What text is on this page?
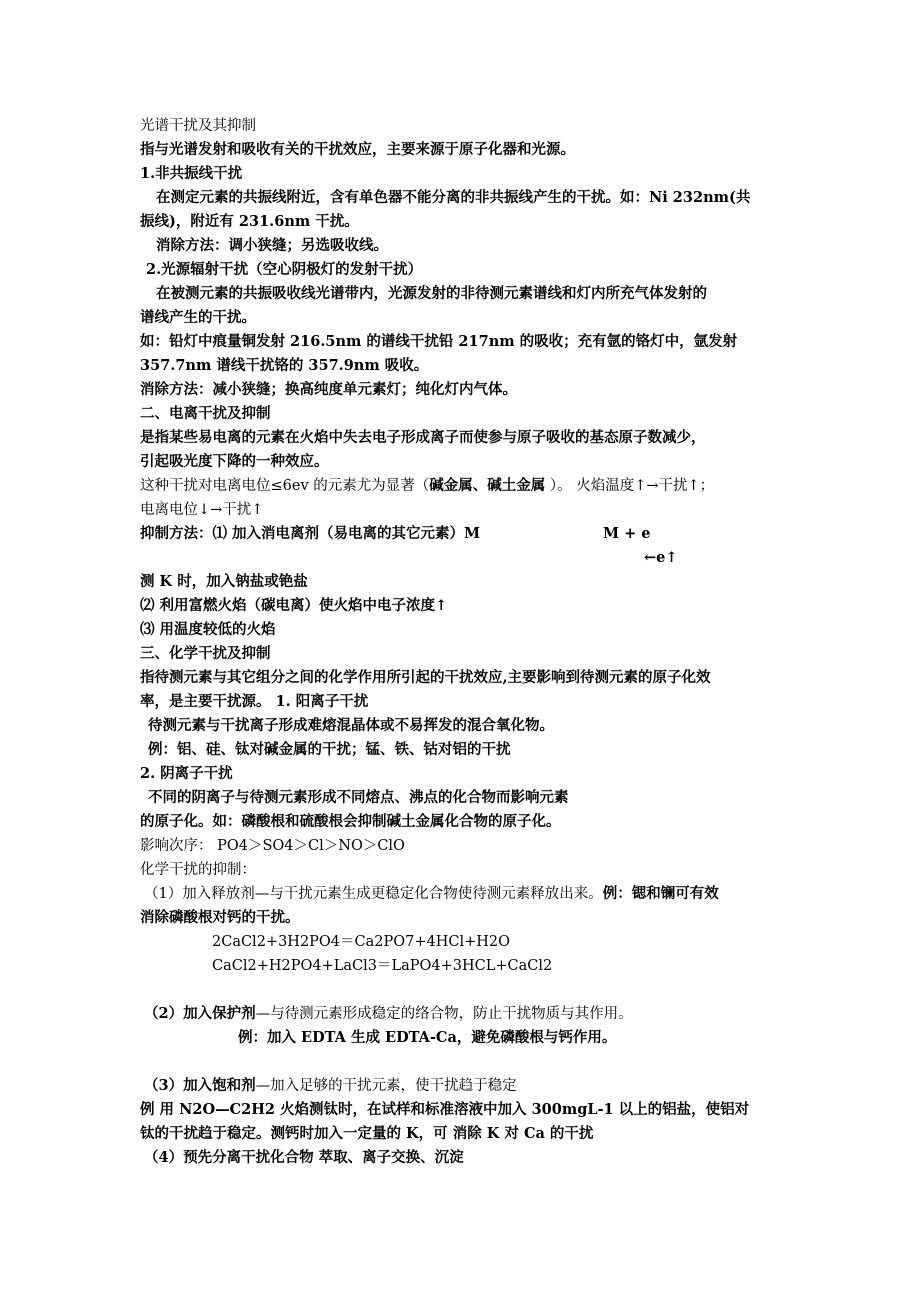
光谱干扰及其抑制
指与光谱发射和吸收有关的干扰效应，主要来源于原子化器和光源。
1.非共振线干扰
在测定元素的共振线附近，含有单色器不能分离的非共振线产生的干扰。如：Ni 232nm(共
振线)，附近有 231.6nm 干扰。
消除方法：调小狭缝；另选吸收线。
2.光源辐射干扰（空心阴极灯的发射干扰）
在被测元素的共振吸收线光谱带内，光源发射的非待测元素谱线和灯内所充气体发射的
谱线产生的干扰。
如：铅灯中痕量铜发射 216.5nm 的谱线干扰铅 217nm 的吸收；充有氩的铬灯中，氩发射
357.7nm 谱线干扰铬的 357.9nm 吸收。
消除方法：减小狭缝；换高纯度单元素灯；纯化灯内气体。
二、电离干扰及抑制
是指某些易电离的元素在火焰中失去电子形成离子而使参与原子吸收的基态原子数减少，
引起吸光度下降的一种效应。
这种干扰对电离电位≤6ev 的元素尤为显著（碱金属、碱土金属 ）。 火焰温度↑→干扰↑；
电离电位↓→干扰↑
抑制方法：⑴ 加入消电离剂（易电离的其它元素）M	M + e
←e↑
测 K 时，加入钠盐或铯盐
⑵ 利用富燃火焰（碳电离）使火焰中电子浓度↑
⑶ 用温度较低的火焰
三、化学干扰及抑制
指待测元素与其它组分之间的化学作用所引起的干扰效应,主要影响到待测元素的原子化效
率，是主要干扰源。 1. 阳离子干扰
待测元素与干扰离子形成难熔混晶体或不易挥发的混合氧化物。
例：铝、硅、钛对碱金属的干扰；锰、铁、钴对铝的干扰
2. 阴离子干扰
不同的阴离子与待测元素形成不同熔点、沸点的化合物而影响元素
的原子化。如：磷酸根和硫酸根会抑制碱土金属化合物的原子化。
影响次序： PO4＞SO4＞Cl＞NO＞ClO
化学干扰的抑制：
（1）加入释放剂—与干扰元素生成更稳定化合物使待测元素释放出来。例：锶和镧可有效
消除磷酸根对钙的干扰。
2CaCl2+3H2PO4＝Ca2PO7+4HCl+H2O
CaCl2+H2PO4+LaCl3＝LaPO4+3HCL+CaCl2
（2）加入保护剂—与待测元素形成稳定的络合物，防止干扰物质与其作用。
例：加入 EDTA 生成 EDTA-Ca，避免磷酸根与钙作用。
（3）加入饱和剂—加入足够的干扰元素，使干扰趋于稳定
例 用 N2O—C2H2 火焰测钛时，在试样和标准溶液中加入 300mgL-1 以上的铝盐，使铝对
钛的干扰趋于稳定。测钙时加入一定量的 K，可 消除 K 对 Ca 的干扰
（4）预先分离干扰化合物 萃取、离子交换、沉淀
